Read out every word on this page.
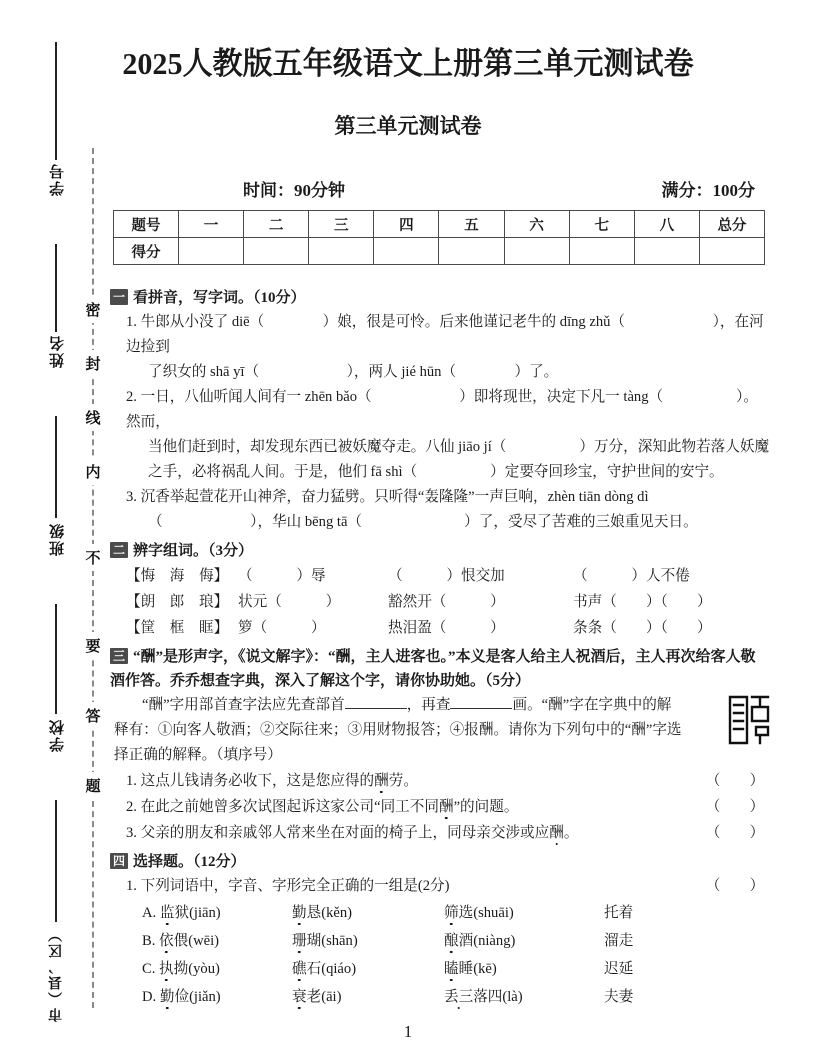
学号
姓名
班级
学校
市（县、区）
密
封
线
内
不
要
答
题
2025人教版五年级语文上册第三单元测试卷
第三单元测试卷
时间：90分钟	满分：100分
题号	一	二	三	四	五	六	七	八	总分
得分									
一 看拼音，写字词。（10分）
1. 牛郎从小没了 diē（　　　　）娘，很是可怜。后来他谨记老牛的 dīng zhǔ（　　　　　　），在河边捡到
了织女的 shā yī（　　　　　　），两人 jié hūn（　　　　）了。
2. 一日，八仙听闻人间有一 zhēn bǎo（　　　　　　）即将现世，决定下凡一 tàng（　　　　　）。然而，
当他们赶到时，却发现东西已被妖魔夺走。八仙 jiāo jí（　　　　　）万分，深知此物若落人妖魔
之手，必将祸乱人间。于是，他们 fā shì（　　　　　）定要夺回珍宝，守护世间的安宁。
3. 沉香举起萱花开山神斧，奋力猛劈。只听得“轰隆隆”一声巨响，zhèn tiān dòng dì
（　　　　　　），华山 bēng tā（　　　　　　　）了，受尽了苦难的三娘重见天日。
二 辨字组词。（3分）
【悔　海　侮】 （　　　）辱	（　　　）恨交加	（　　　）人不倦
【朗　郎　琅】 状元（　　　）	豁然开（　　　）	书声（　　）（　　）
【筐　框　眶】 箩（　　　）	热泪盈（　　　）	条条（　　）（　　）
三 “酬”是形声字，《说文解字》：“酬，主人进客也。”本义是客人给主人祝酒后，主人再次给客人敬
酒作答。乔乔想查字典，深入了解这个字，请你协助她。（5分）
“酬”字用部首查字法应先查部首	，再查	画。“酬”字在字典中的解
释有：①向客人敬酒；②交际往来；③用财物报答；④报酬。请你为下列句中的“酬”字选
择正确的解释。（填序号）
1. 这点儿钱请务必收下，这是您应得的酬劳。	（　　）
2. 在此之前她曾多次试图起诉这家公司“同工不同酬”的问题。	（　　）
3. 父亲的朋友和亲戚邻人常来坐在对面的椅子上，同母亲交涉或应酬。	（　　）
四 选择题。（12分）
1. 下列词语中，字音、字形完全正确的一组是(2分)	（　　）
A. 监狱(jiān)	勤恳(kěn)	筛选(shuāi)	托着
B. 依偎(wēi)	珊瑚(shān)	酿酒(niàng)	溜走
C. 执拗(yòu)	礁石(qiáo)	瞌睡(kē)	迟延
D. 勤俭(jiǎn)	衰老(āi)	丢三落四(là)	夫妻
1
